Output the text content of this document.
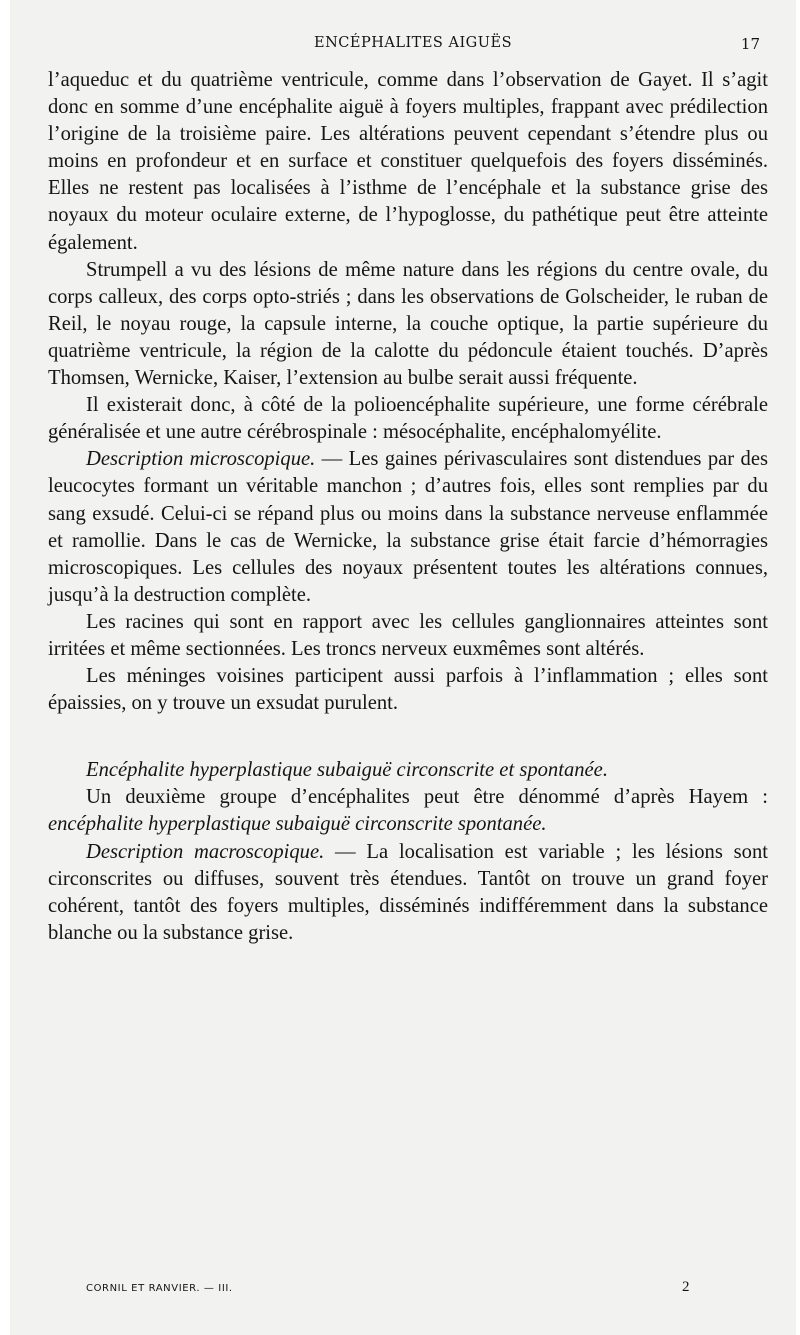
ENCÉPHALITES AIGUËS	17

l’aqueduc et du quatrième ventricule, comme dans l’observation de Gayet. Il s’agit donc en somme d’une encéphalite aiguë à foyers multiples, frappant avec prédilection l’origine de la troisième paire. Les altérations peuvent cependant s’étendre plus ou moins en profondeur et en surface et constituer quelquefois des foyers disséminés. Elles ne restent pas localisées à l’isthme de l’encéphale et la substance grise des noyaux du moteur oculaire externe, de l’hypoglosse, du pathétique peut être atteinte également.

Strumpell a vu des lésions de même nature dans les régions du centre ovale, du corps calleux, des corps opto-striés ; dans les observations de Golscheider, le ruban de Reil, le noyau rouge, la capsule interne, la couche optique, la partie supérieure du quatrième ventricule, la région de la calotte du pédoncule étaient touchés. D’après Thomsen, Wernicke, Kaiser, l’extension au bulbe serait aussi fréquente.

Il existerait donc, à côté de la polioencéphalite supérieure, une forme cérébrale généralisée et une autre cérébrospinale : mésocéphalite, encéphalomyélite.

Description microscopique. — Les gaines périvasculaires sont distendues par des leucocytes formant un véritable manchon ; d’autres fois, elles sont remplies par du sang exsudé. Celui-ci se répand plus ou moins dans la substance nerveuse enflammée et ramollie. Dans le cas de Wernicke, la substance grise était farcie d’hémorragies microscopiques. Les cellules des noyaux présentent toutes les altérations connues, jusqu’à la destruction complète.

Les racines qui sont en rapport avec les cellules ganglionnaires atteintes sont irritées et même sectionnées. Les troncs nerveux euxmêmes sont altérés.

Les méninges voisines participent aussi parfois à l’inflammation ; elles sont épaissies, on y trouve un exsudat purulent.

Encéphalite hyperplastique subaiguë circonscrite et spontanée.

Un deuxième groupe d’encéphalites peut être dénommé d’après Hayem : encéphalite hyperplastique subaiguë circonscrite spontanée.

Description macroscopique. — La localisation est variable ; les lésions sont circonscrites ou diffuses, souvent très étendues. Tantôt on trouve un grand foyer cohérent, tantôt des foyers multiples, disséminés indifféremment dans la substance blanche ou la substance grise.

CORNIL ET RANVIER. — III.	2
